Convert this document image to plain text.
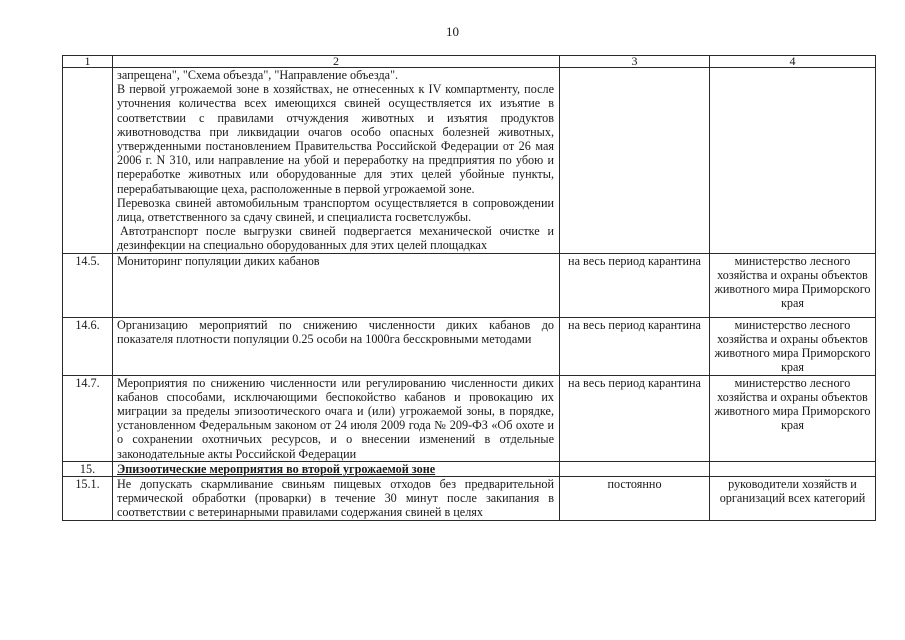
10
1	2	3	4

	запрещена", "Схема объезда", "Направление объезда".

В первой угрожаемой зоне в хозяйствах, не отнесенных к IV компартменту, после уточнения количества всех имеющихся свиней осуществляется их изъятие в соответствии с правилами отчуждения животных и изъятия продуктов животноводства при ликвидации очагов особо опасных болезней животных, утвержденными постановлением Правительства Российской Федерации от 26 мая 2006 г. N 310, или направление на убой и переработку на предприятия по убою и переработке животных или оборудованные для этих целей убойные пункты, перерабатывающие цеха, расположенные в первой угрожаемой зоне.

Перевозка свиней автомобильным транспортом осуществляется в сопровождении лица, ответственного за сдачу свиней, и специалиста госветслужбы.

Автотранспорт после выгрузки свиней подвергается механической очистке и дезинфекции на специально оборудованных для этих целей площадках		

14.5.	Мониторинг популяции диких кабанов	на весь период карантина	министерство лесного хозяйства и охраны объектов животного мира Приморского края
14.6.	Организацию мероприятий по снижению численности диких кабанов до показателя плотности популяции 0.25 особи на 1000га бесскровными методами	на весь период карантина	министерство лесного хозяйства и охраны объектов животного мира Приморского края
14.7.	Мероприятия по снижению численности или регулированию численности диких кабанов способами, исключающими беспокойство кабанов и провокацию их миграции за пределы эпизоотического очага и (или) угрожаемой зоны, в порядке, установленном Федеральным законом от 24 июля 2009 года № 209-ФЗ «Об охоте и о сохранении охотничьих ресурсов, и о внесении изменений в отдельные законодательные акты Российской Федерации	на весь период карантина	министерство лесного хозяйства и охраны объектов животного мира Приморского края
15.	Эпизоотические мероприятия во второй угрожаемой зоне		
15.1.	Не допускать скармливание свиньям пищевых отходов без предварительной термической обработки (проварки) в течение 30 минут после закипания в соответствии с ветеринарными правилами содержания свиней в целях	постоянно	руководители хозяйств и организаций всех категорий
